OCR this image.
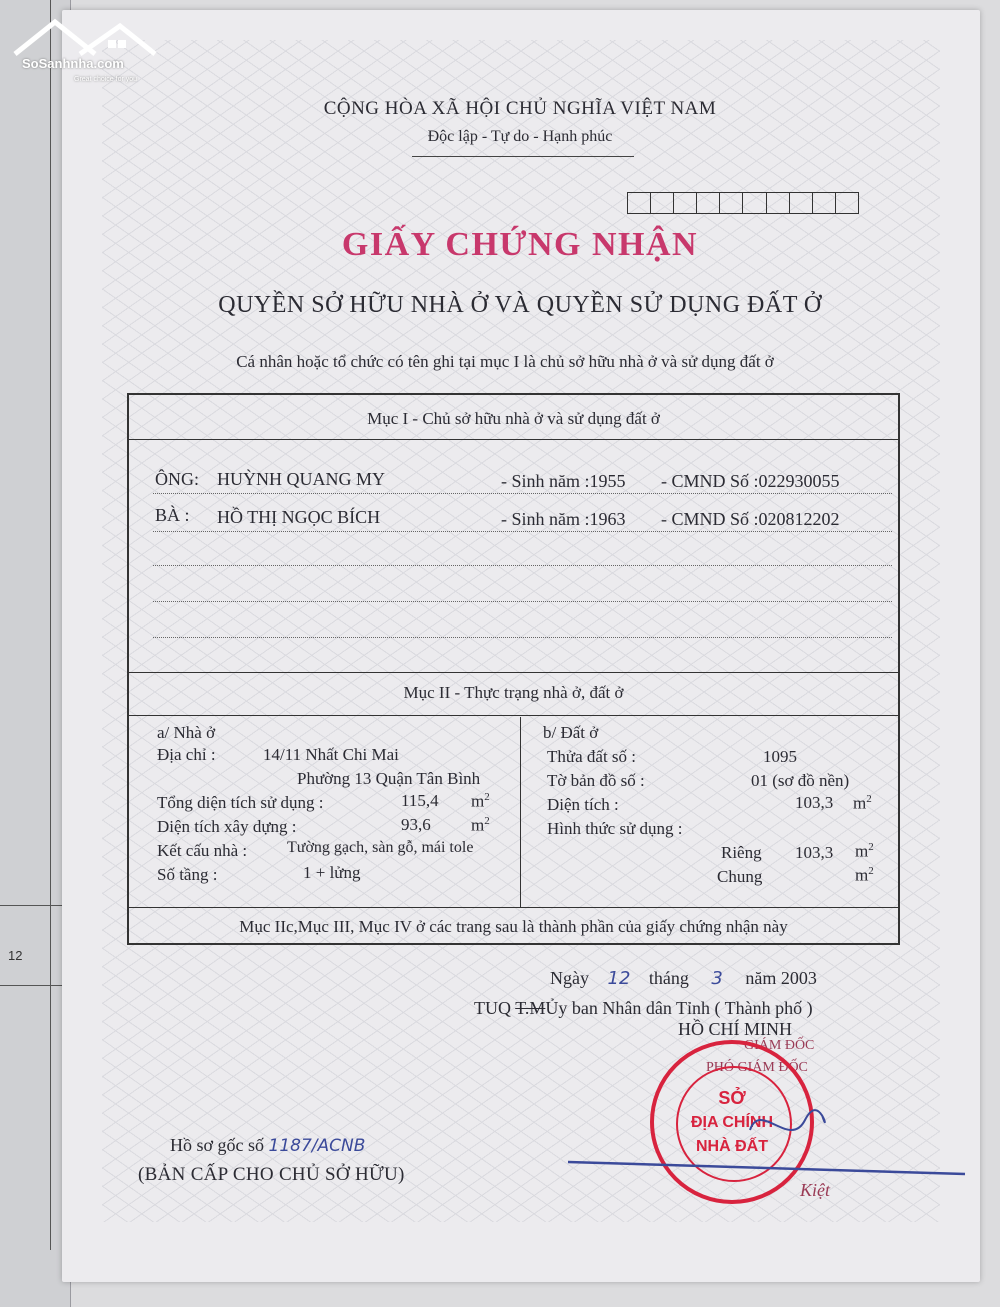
12
SoSanhnha.com
Great choice for you
CỘNG HÒA XÃ HỘI CHỦ NGHĨA VIỆT NAM
Độc lập - Tự do - Hạnh phúc
GIẤY CHỨNG NHẬN
QUYỀN SỞ HỮU NHÀ Ở VÀ QUYỀN SỬ DỤNG ĐẤT Ở
Cá nhân hoặc tổ chức có tên ghi tại mục I là chủ sở hữu nhà ở và sử dụng đất ở
Mục I - Chủ sở hữu nhà ở và sử dụng đất ở
ÔNG: HUỲNH QUANG MY	- Sinh năm :1955 - CMND Số :022930055
BÀ : HỒ THỊ NGỌC BÍCH	- Sinh năm :1963 - CMND Số :020812202
Mục II - Thực trạng nhà ở, đất ở
a/ Nhà ở
Địa chỉ :	14/11 Nhất Chi Mai
Phường 13 Quận Tân Bình
Tổng diện tích sử dụng :	115,4 $m^2$
Diện tích xây dựng :	93,6 $m^2$
Kết cấu nhà : Tường gạch, sàn gỗ, mái tole
Số tầng :	1 + lửng
b/ Đất ở
Thửa đất số :	1095
Tờ bản đồ số :	01 (sơ đồ nền)
Diện tích :	103,3 $m^2$
Hình thức sử dụng :
Riêng 103,3 $m^2$
Chung	$m^2$
Mục IIc,Mục III, Mục IV ở các trang sau là thành phần của giấy chứng nhận này
Ngày 12 tháng 3 năm 2003
TUQ T.MỦy ban Nhân dân Tỉnh ( Thành phố )
HỒ CHÍ MINH
GIÁM ĐỐC
PHÓ GIÁM ĐỐC
SỞ
ĐỊA CHÍNH
NHÀ ĐẤT
Kiệt
Hồ sơ gốc số 1187/ACNB
(BẢN CẤP CHO CHỦ SỞ HỮU)
